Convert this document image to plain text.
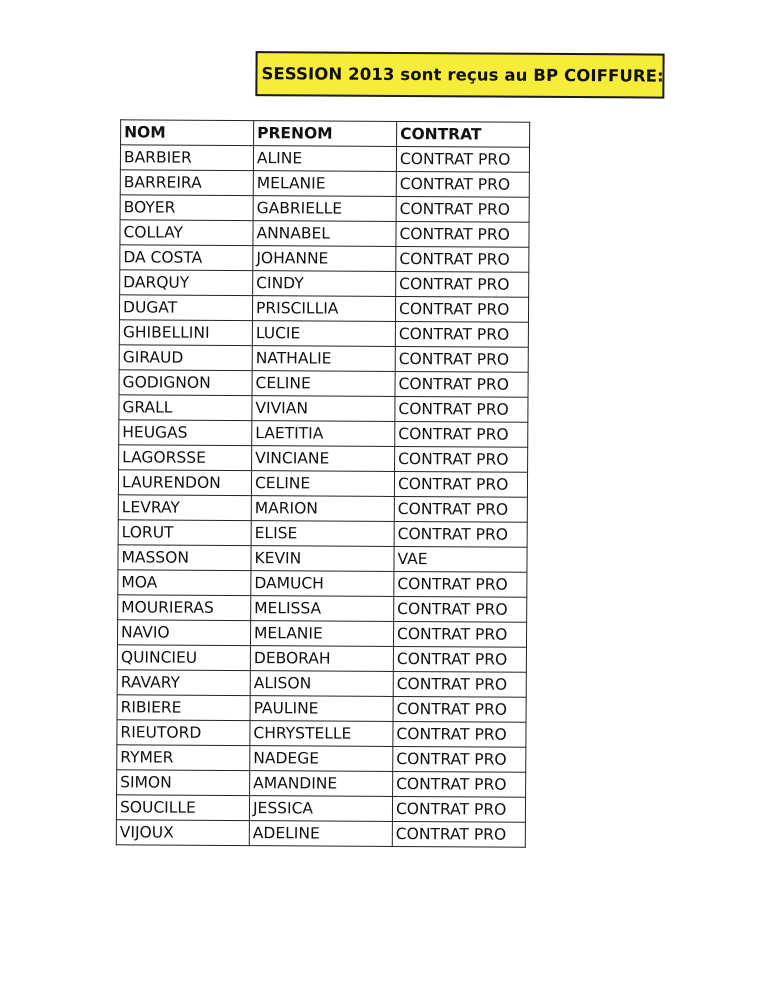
SESSION 2013 sont reçus au BP COIFFURE:
NOM	PRENOM	CONTRAT
BARBIER	ALINE	CONTRAT PRO
BARREIRA	MELANIE	CONTRAT PRO
BOYER	GABRIELLE	CONTRAT PRO
COLLAY	ANNABEL	CONTRAT PRO
DA COSTA	JOHANNE	CONTRAT PRO
DARQUY	CINDY	CONTRAT PRO
DUGAT	PRISCILLIA	CONTRAT PRO
GHIBELLINI	LUCIE	CONTRAT PRO
GIRAUD	NATHALIE	CONTRAT PRO
GODIGNON	CELINE	CONTRAT PRO
GRALL	VIVIAN	CONTRAT PRO
HEUGAS	LAETITIA	CONTRAT PRO
LAGORSSE	VINCIANE	CONTRAT PRO
LAURENDON	CELINE	CONTRAT PRO
LEVRAY	MARION	CONTRAT PRO
LORUT	ELISE	CONTRAT PRO
MASSON	KEVIN	VAE
MOA	DAMUCH	CONTRAT PRO
MOURIERAS	MELISSA	CONTRAT PRO
NAVIO	MELANIE	CONTRAT PRO
QUINCIEU	DEBORAH	CONTRAT PRO
RAVARY	ALISON	CONTRAT PRO
RIBIERE	PAULINE	CONTRAT PRO
RIEUTORD	CHRYSTELLE	CONTRAT PRO
RYMER	NADEGE	CONTRAT PRO
SIMON	AMANDINE	CONTRAT PRO
SOUCILLE	JESSICA	CONTRAT PRO
VIJOUX	ADELINE	CONTRAT PRO
